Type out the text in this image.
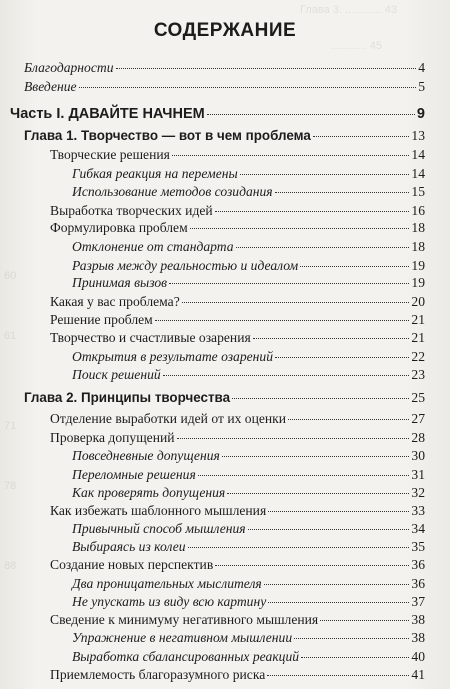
Глава 3. ............ 43
............ 45
60
61
71
78
88
СОДЕРЖАНИЕ
Благодарности	4
Введение	5
Часть I. ДАВАЙТЕ НАЧНЕМ	9
Глава 1. Творчество — вот в чем проблема	13
Творческие решения	14
Гибкая реакция на перемены	14
Использование методов созидания	15
Выработка творческих идей	16
Формулировка проблем	18
Отклонение от стандарта	18
Разрыв между реальностью и идеалом	19
Принимая вызов	19
Какая у вас проблема?	20
Решение проблем	21
Творчество и счастливые озарения	21
Открытия в результате озарений	22
Поиск решений	23
Глава 2. Принципы творчества	25
Отделение выработки идей от их оценки	27
Проверка допущений	28
Повседневные допущения	30
Переломные решения	31
Как проверять допущения	32
Как избежать шаблонного мышления	33
Привычный способ мышления	34
Выбираясь из колеи	35
Создание новых перспектив	36
Два проницательных мыслителя	36
Не упускать из виду всю картину	37
Сведение к минимуму негативного мышления	38
Упражнение в негативном мышлении	38
Выработка сбалансированных реакций	40
Приемлемость благоразумного риска	41
